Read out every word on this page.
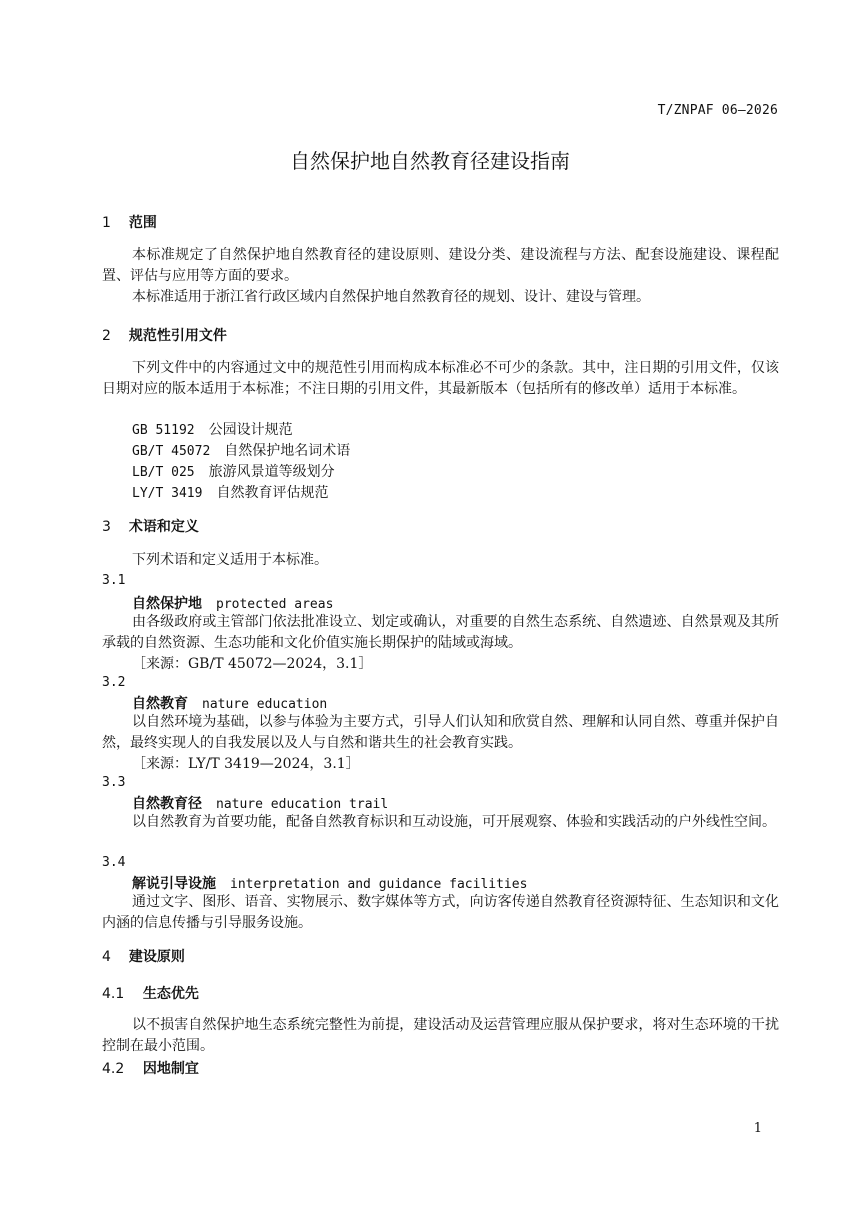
T/ZNPAF 06—2026
自然保护地自然教育径建设指南
1 范围
本标准规定了自然保护地自然教育径的建设原则、建设分类、建设流程与方法、配套设施建设、课程配置、评估与应用等方面的要求。
本标准适用于浙江省行政区域内自然保护地自然教育径的规划、设计、建设与管理。
2 规范性引用文件
下列文件中的内容通过文中的规范性引用而构成本标准必不可少的条款。其中，注日期的引用文件，仅该日期对应的版本适用于本标准；不注日期的引用文件，其最新版本（包括所有的修改单）适用于本标准。
GB 51192 公园设计规范
GB/T 45072 自然保护地名词术语
LB/T 025 旅游风景道等级划分
LY/T 3419 自然教育评估规范
3 术语和定义
下列术语和定义适用于本标准。
3.1
自然保护地 protected areas
由各级政府或主管部门依法批准设立、划定或确认，对重要的自然生态系统、自然遗迹、自然景观及其所承载的自然资源、生态功能和文化价值实施长期保护的陆域或海域。
［来源：GB/T 45072—2024，3.1］
3.2
自然教育 nature education
以自然环境为基础，以参与体验为主要方式，引导人们认知和欣赏自然、理解和认同自然、尊重并保护自然，最终实现人的自我发展以及人与自然和谐共生的社会教育实践。
［来源：LY/T 3419—2024，3.1］
3.3
自然教育径 nature education trail
以自然教育为首要功能，配备自然教育标识和互动设施，可开展观察、体验和实践活动的户外线性空间。
3.4
解说引导设施 interpretation and guidance facilities
通过文字、图形、语音、实物展示、数字媒体等方式，向访客传递自然教育径资源特征、生态知识和文化内涵的信息传播与引导服务设施。
4 建设原则
4.1 生态优先
以不损害自然保护地生态系统完整性为前提，建设活动及运营管理应服从保护要求，将对生态环境的干扰控制在最小范围。
4.2 因地制宜
1
